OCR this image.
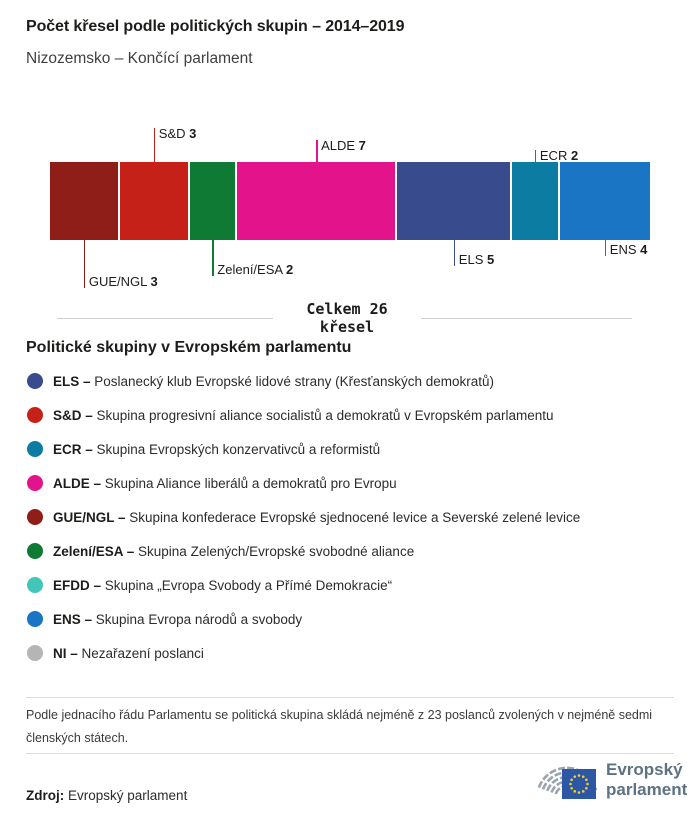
Počet křesel podle politických skupin – 2014–2019
Nizozemsko – Končící parlament
GUE/NGL 3
S&D 3
Zelení/ESA 2
ALDE 7
ELS 5
ECR 2
ENS 4
Celkem 26
křesel
Politické skupiny v Evropském parlamentu
ELS – Poslanecký klub Evropské lidové strany (Křesťanských demokratů)
S&D – Skupina progresivní aliance socialistů a demokratů v Evropském parlamentu
ECR – Skupina Evropských konzervativců a reformistů
ALDE – Skupina Aliance liberálů a demokratů pro Evropu
GUE/NGL – Skupina konfederace Evropské sjednocené levice a Severské zelené levice
Zelení/ESA – Skupina Zelených/Evropské svobodné aliance
EFDD – Skupina „Evropa Svobody a Přímé Demokracie“
ENS – Skupina Evropa národů a svobody
NI – Nezařazení poslanci
Podle jednacího řádu Parlamentu se politická skupina skládá nejméně z 23 poslanců zvolených v nejméně sedmi členských státech.
Zdroj: Evropský parlament
Evropský
parlament
